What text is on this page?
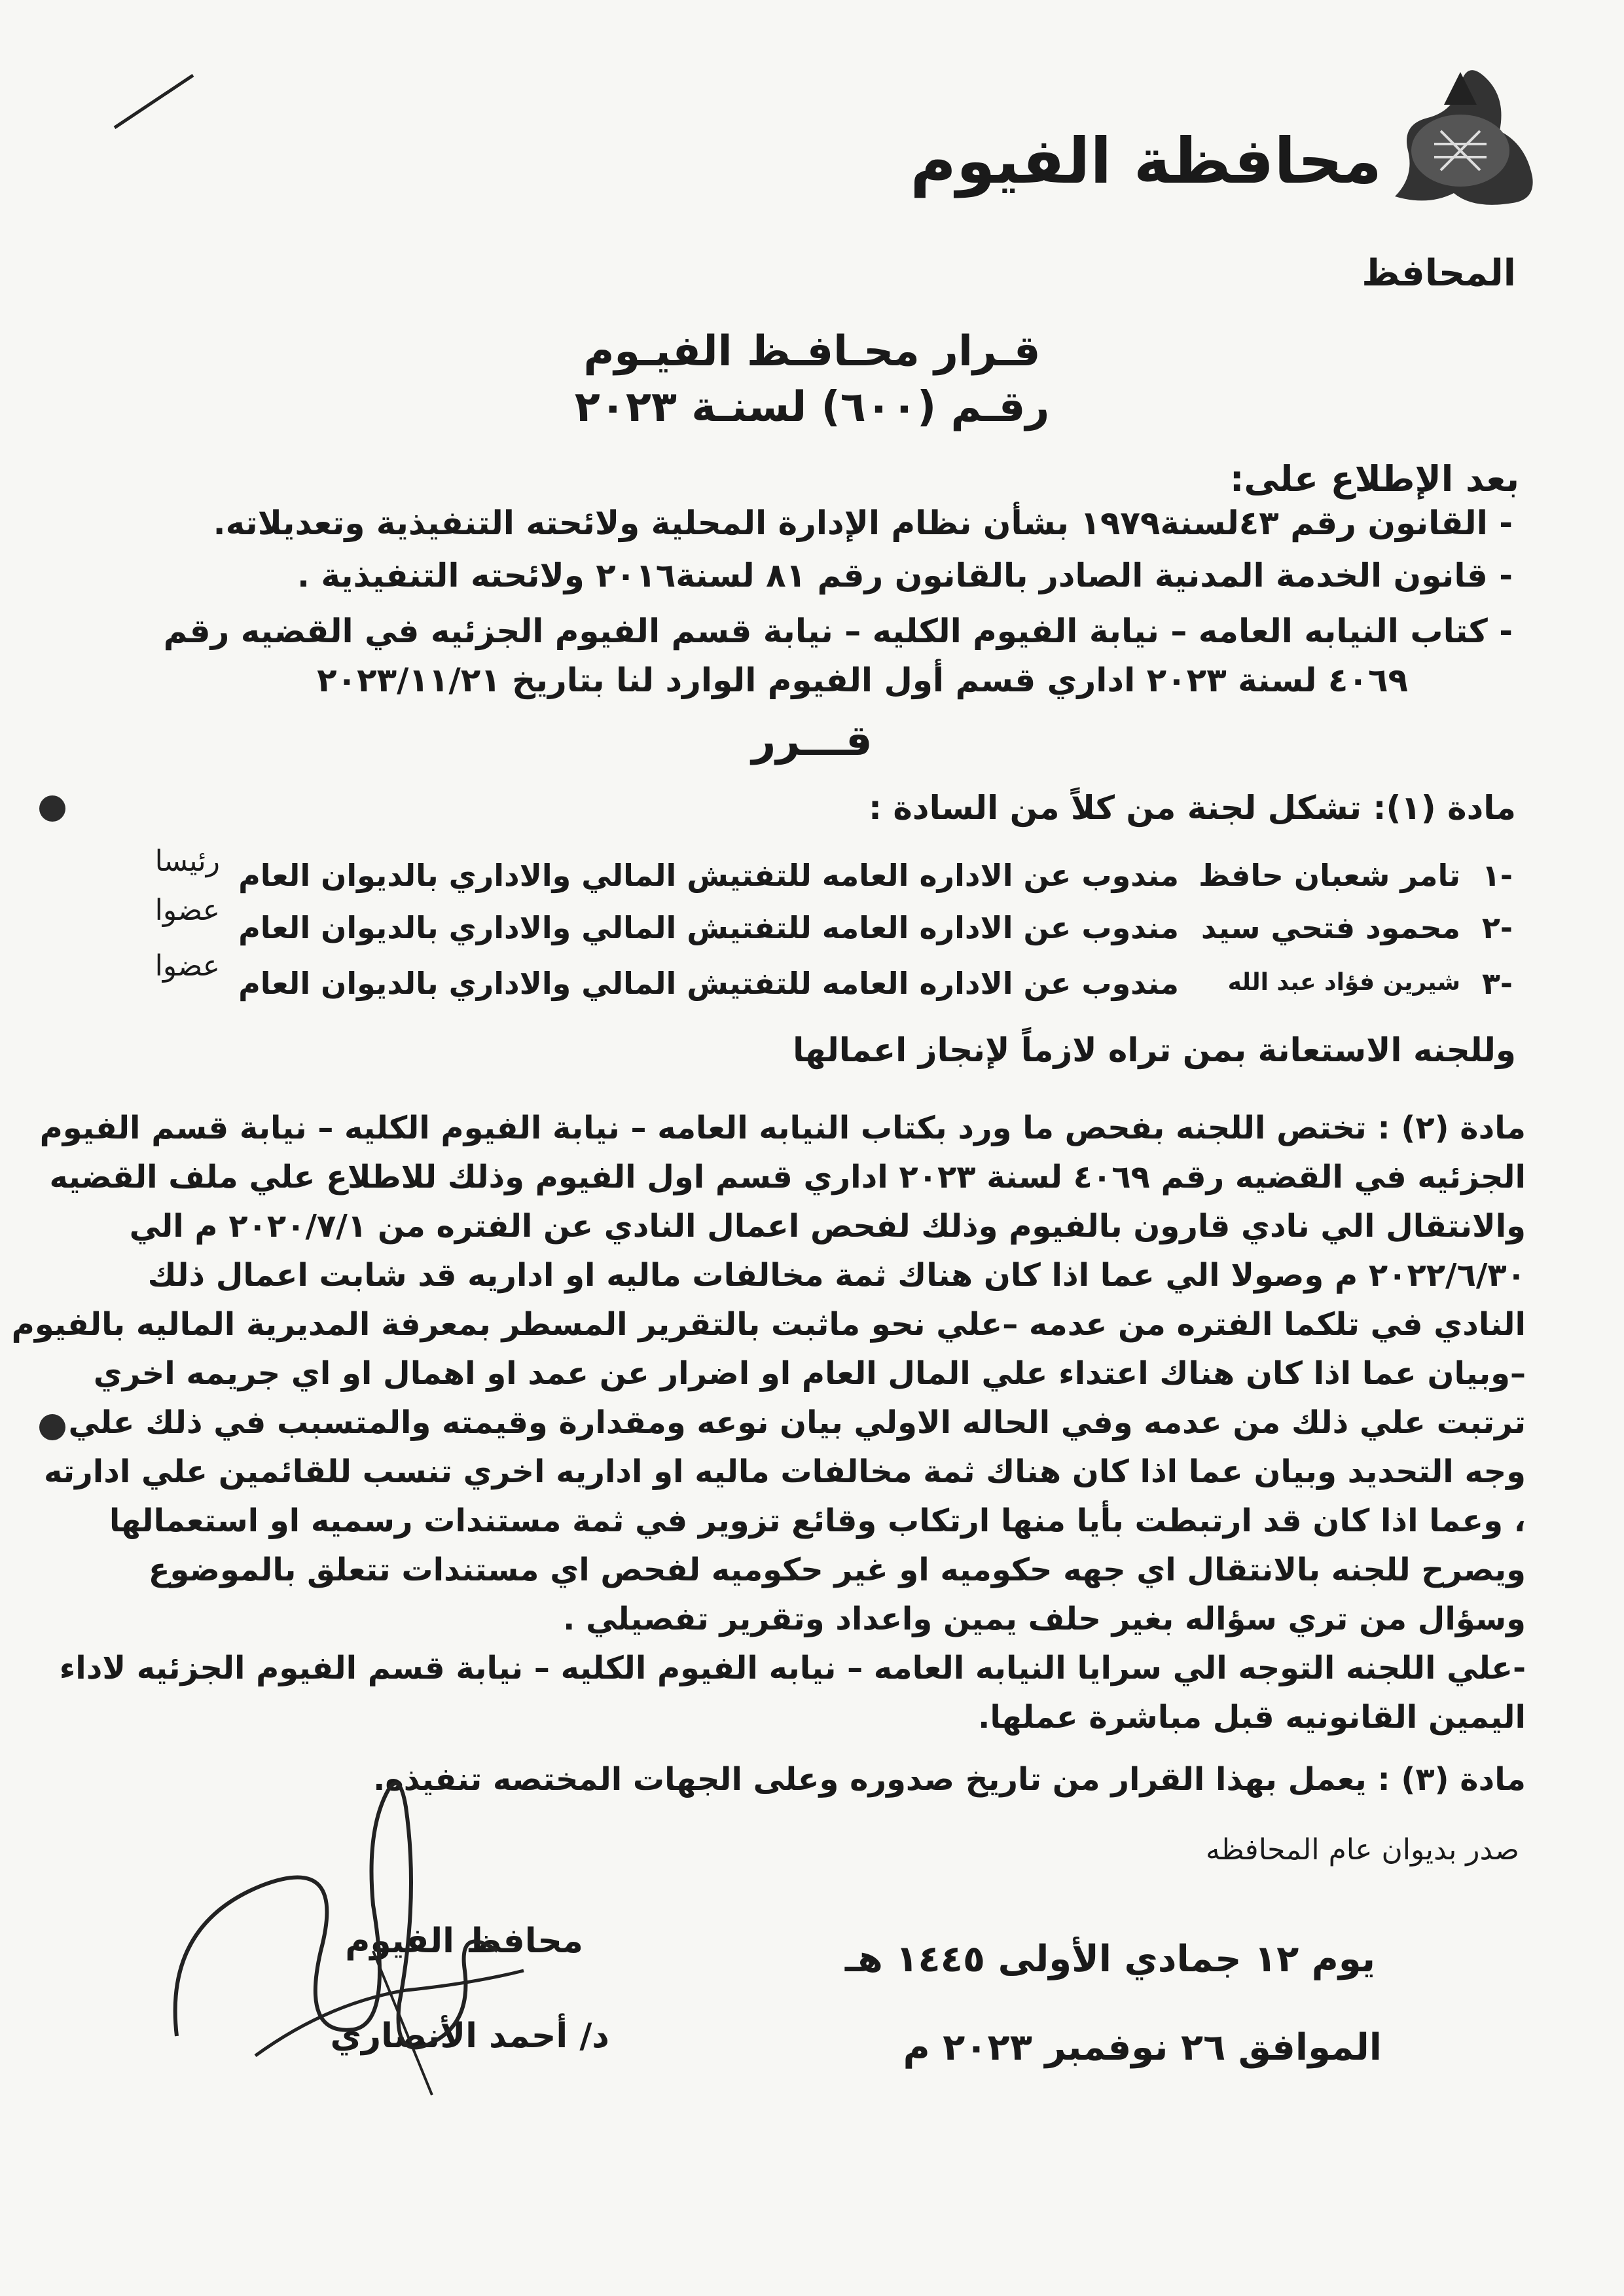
محافظة الفيوم
المحافظ
قـرار محـافـظ الفيـوم
رقـم (٦٠٠) لسنـة ٢٠٢٣
بعد الإطلاع على:
- القانون رقم ٤٣لسنة١٩٧٩ بشأن نظام الإدارة المحلية ولائحته التنفيذية وتعديلاته.
- قانون الخدمة المدنية الصادر بالقانون رقم ٨١ لسنة٢٠١٦ ولائحته التنفيذية .
- كتاب النيابه العامه – نيابة الفيوم الكليه – نيابة قسم الفيوم الجزئيه في القضيه رقم
٤٠٦٩ لسنة ٢٠٢٣ اداري قسم أول الفيوم الوارد لنا بتاريخ ٢٠٢٣/١١/٢١
قـــرر
مادة (١): تشكل لجنة من كلاً من السادة :
١-
تامر شعبان حافظ
مندوب عن الاداره العامه للتفتيش المالي والاداري بالديوان العام
رئيسا
٢-
محمود فتحي سيد
مندوب عن الاداره العامه للتفتيش المالي والاداري بالديوان العام
عضوا
٣-
شيرين فؤاد عبد الله
مندوب عن الاداره العامه للتفتيش المالي والاداري بالديوان العام
عضوا
وللجنه الاستعانة بمن تراه لازماً لإنجاز اعمالها
مادة (٢) : تختص اللجنه بفحص ما ورد بكتاب النيابه العامه – نيابة الفيوم الكليه – نيابة قسم الفيوم
الجزئيه في القضيه رقم ٤٠٦٩ لسنة ٢٠٢٣ اداري قسم اول الفيوم وذلك للاطلاع علي ملف القضيه
والانتقال الي نادي قارون بالفيوم وذلك لفحص اعمال النادي عن الفتره من ٢٠٢٠/٧/١ م الي
٢٠٢٢/٦/٣٠ م وصولا الي عما اذا كان هناك ثمة مخالفات ماليه او اداريه قد شابت اعمال ذلك
النادي في تلكما الفتره من عدمه –علي نحو ماثبت بالتقرير المسطر بمعرفة المديرية الماليه بالفيوم
–وبيان عما اذا كان هناك اعتداء علي المال العام او اضرار عن عمد او اهمال او اي جريمه اخري
ترتبت علي ذلك من عدمه وفي الحاله الاولي بيان نوعه ومقدارة وقيمته والمتسبب في ذلك علي
وجه التحديد وبيان عما اذا كان هناك ثمة مخالفات ماليه او اداريه اخري تنسب للقائمين علي ادارته
، وعما اذا كان قد ارتبطت بأيا منها ارتكاب وقائع تزوير في ثمة مستندات رسميه او استعمالها
ويصرح للجنه بالانتقال اي جهه حكوميه او غير حكوميه لفحص اي مستندات تتعلق بالموضوع
وسؤال من تري سؤاله بغير حلف يمين واعداد وتقرير تفصيلي .
-علي اللجنه التوجه الي سرايا النيابه العامه – نيابه الفيوم الكليه – نيابة قسم الفيوم الجزئيه لاداء
اليمين القانونيه قبل مباشرة عملها.
مادة (٣) : يعمل بهذا القرار من تاريخ صدوره وعلى الجهات المختصه تنفيذه.
صدر بديوان عام المحافظه
يوم ١٢ جمادي الأولى ١٤٤٥ هـ
الموافق ٢٦ نوفمبر ٢٠٢٣ م
محافظ الفيوم
د/ أحمد الأنصاري
